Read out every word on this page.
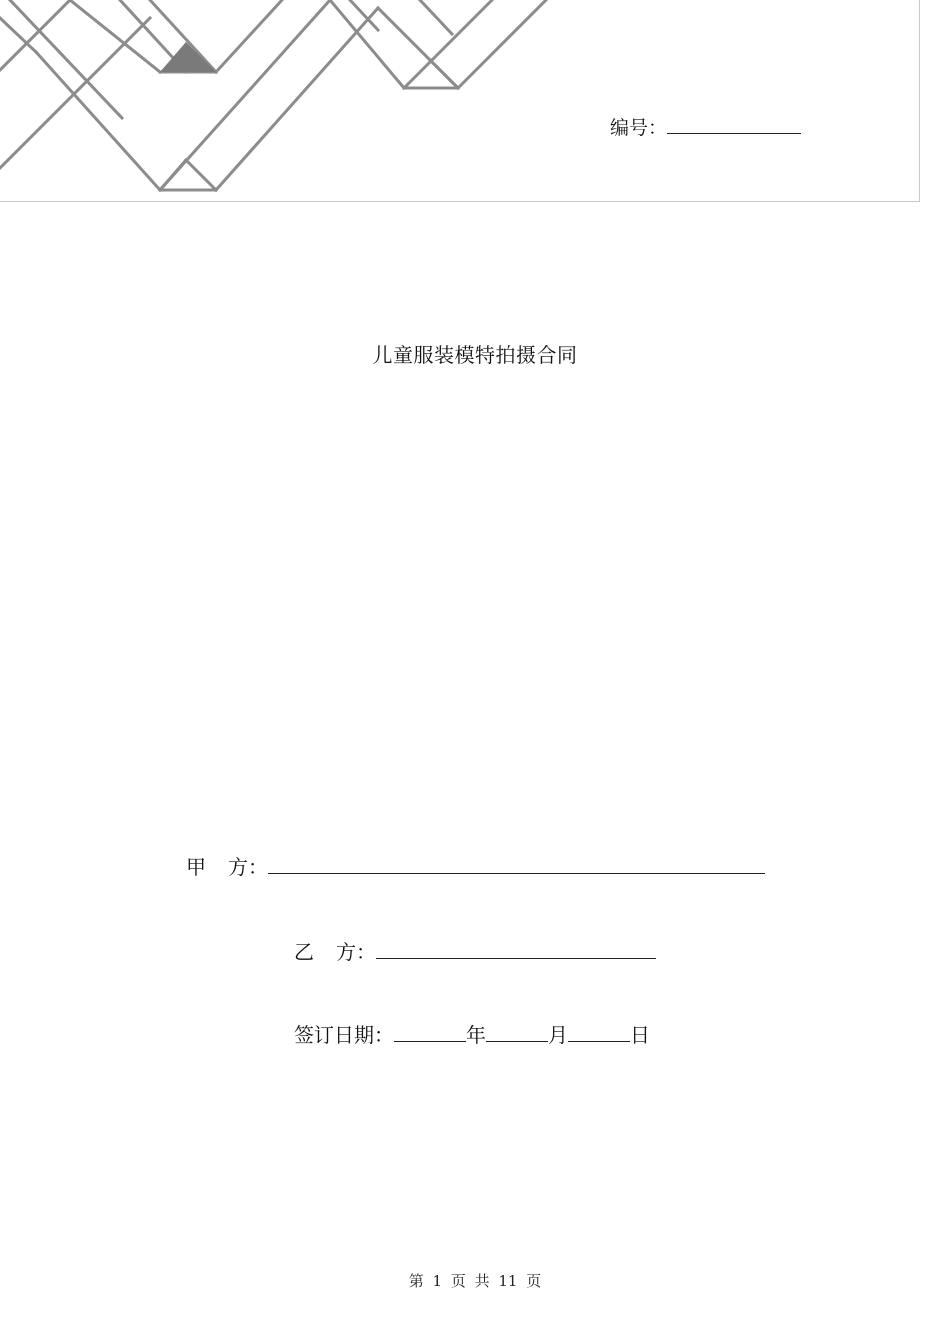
编号：
儿童服装模特拍摄合同
甲 方：
乙 方：
签订日期：	年	月	日
第 1 页 共 11 页
